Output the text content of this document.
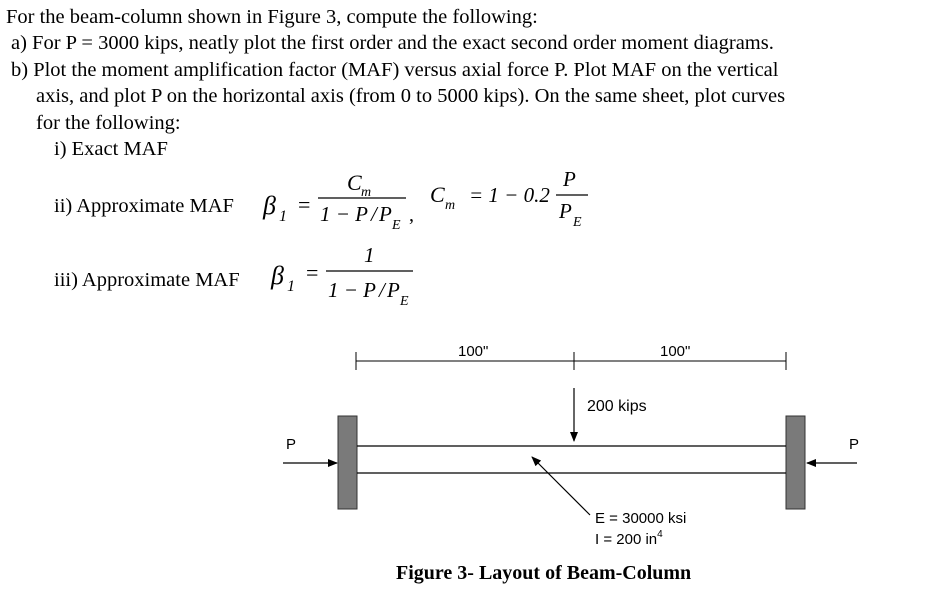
For the beam-column shown in Figure 3, compute the following:
a) For P = 3000 kips, neatly plot the first order and the exact second order moment diagrams.
b) Plot the moment amplification factor (MAF) versus axial force P. Plot MAF on the vertical
axis, and plot P on the horizontal axis (from 0 to 5000 kips). On the same sheet, plot curves
for the following:
i) Exact MAF
ii) Approximate MAF
iii) Approximate MAF
β 1 =
C m
1 − P / P E ,
C m = 1 − 0.2
P
P E
β 1
=
1
1 − P / P E
100"	100"
200 kips
P	P
E = 30000 ksi
I = 200 $in^4$
Figure 3- Layout of Beam-Column
